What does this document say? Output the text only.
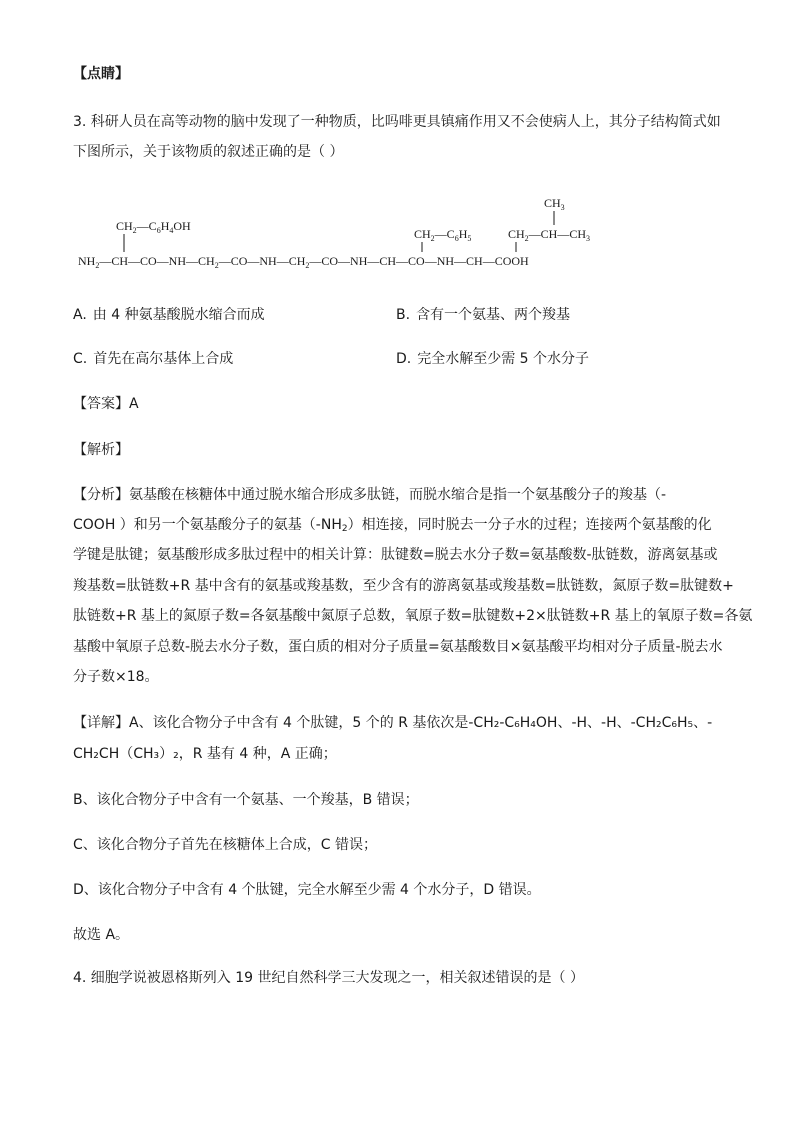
【点睛】
3. 科研人员在高等动物的脑中发现了一种物质，比吗啡更具镇痛作用又不会使病人上，其分子结构简式如
下图所示，关于该物质的叙述正确的是（ ）
$CH_2—C_6H_4OH$
$CH_2—C_6H_5$
$CH_3$
$CH_2—CH—CH_3$
$NH_2—CH—CO—NH—CH_2—CO—NH—CH_2—CO—NH—CH—CO—NH—CH—COOH$
A. 由 4 种氨基酸脱水缩合而成	B. 含有一个氨基、两个羧基
C. 首先在高尔基体上合成	D. 完全水解至少需 5 个水分子
【答案】A
【解析】
【分析】氨基酸在核糖体中通过脱水缩合形成多肽链，而脱水缩合是指一个氨基酸分子的羧基（-
COOH ）和另一个氨基酸分子的氨基$(-NH_2)$相连接，同时脱去一分子水的过程；连接两个氨基酸的化
学键是肽键；氨基酸形成多肽过程中的相关计算：肽键数=脱去水分子数=氨基酸数-肽链数，游离氨基或
羧基数=肽链数+R 基中含有的氨基或羧基数，至少含有的游离氨基或羧基数=肽链数，氮原子数=肽键数+
肽链数+R 基上的氮原子数=各氨基酸中氮原子总数，氧原子数=肽键数+2×肽链数+R 基上的氧原子数=各氨
基酸中氧原子总数-脱去水分子数，蛋白质的相对分子质量=氨基酸数目×氨基酸平均相对分子质量-脱去水
分子数×18。
【详解】A、该化合物分子中含有 4 个肽键，5 个的 R 基依次是-CH₂-C₆H₄OH、-H、-H、-CH₂C₆H₅、-
CH₂CH（CH₃）₂，R 基有 4 种，A 正确；
B、该化合物分子中含有一个氨基、一个羧基，B 错误；
C、该化合物分子首先在核糖体上合成，C 错误；
D、该化合物分子中含有 4 个肽键，完全水解至少需 4 个水分子，D 错误。
故选 A。
4. 细胞学说被恩格斯列入 19 世纪自然科学三大发现之一，相关叙述错误的是（ ）
